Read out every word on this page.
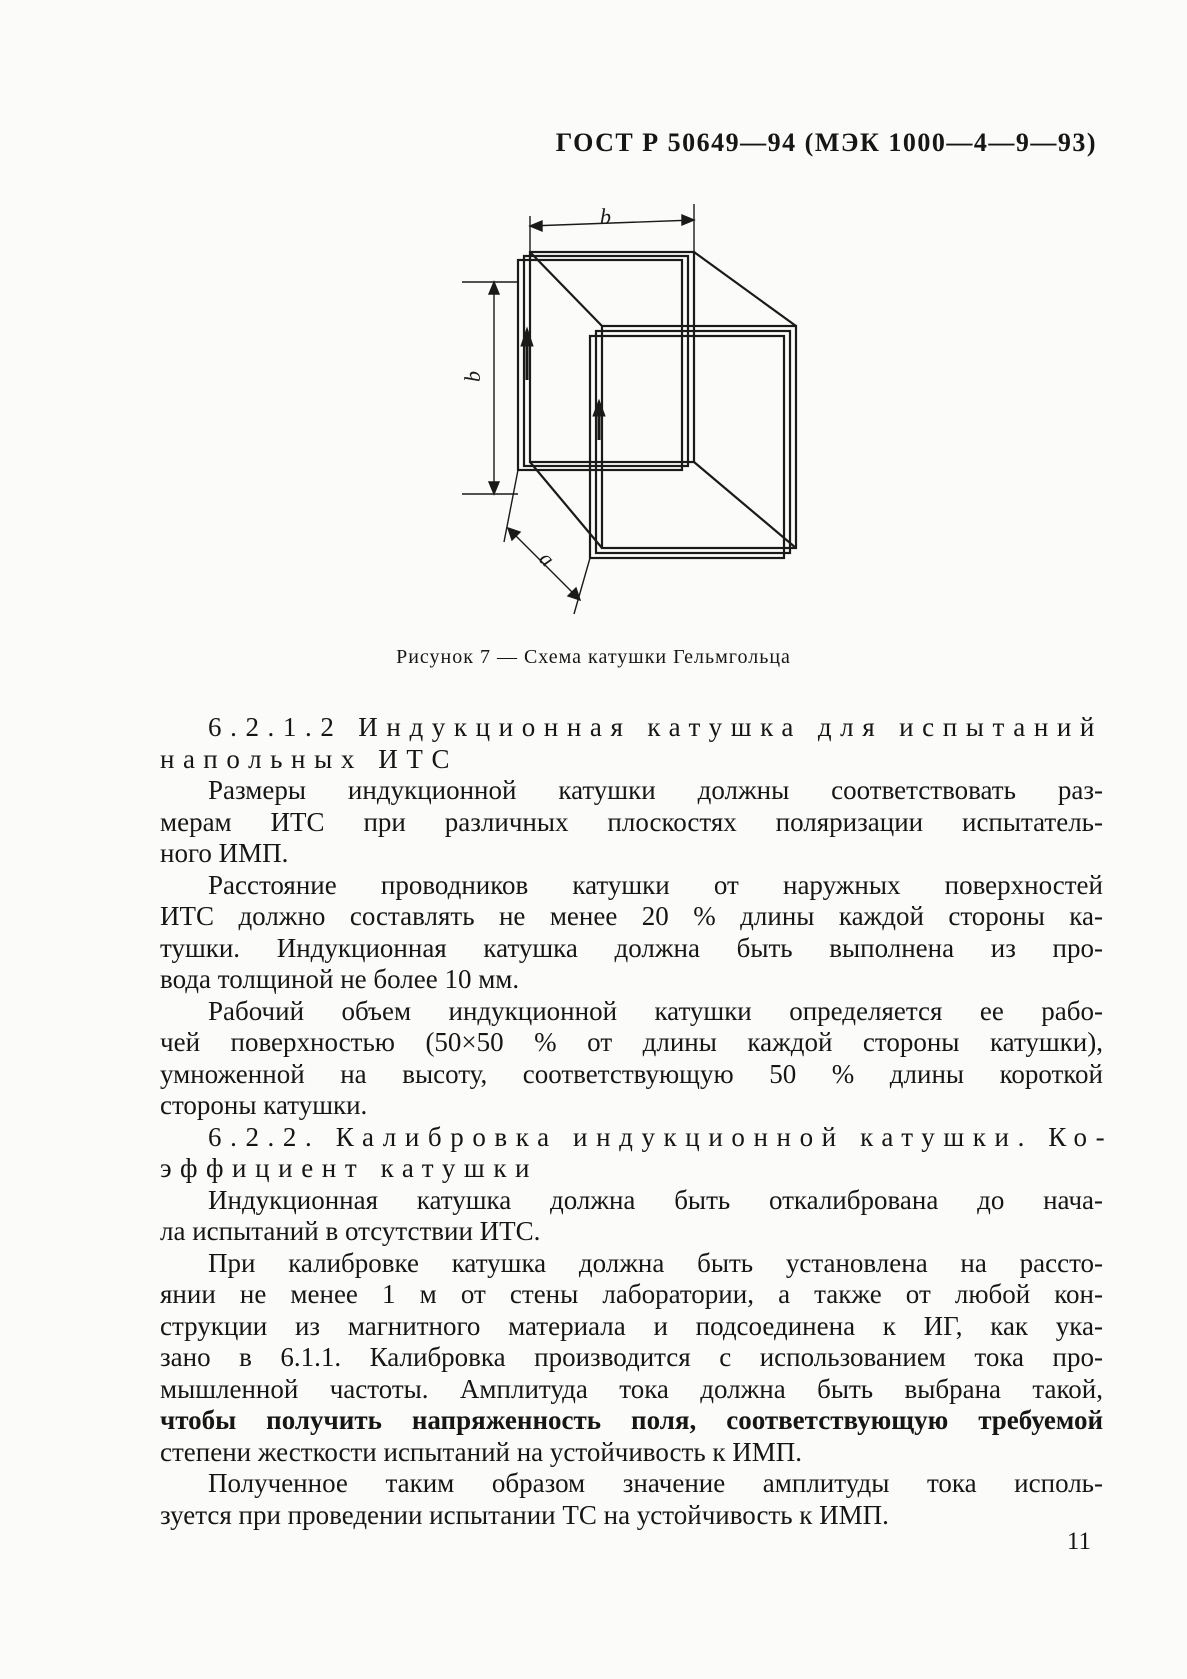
ГОСТ Р 50649—94 (МЭК 1000—4—9—93)
b
b
a
Рисунок 7 — Схема катушки Гельмгольца
6.2.1.2 Индукционная катушка для испытаний
напольных ИТС
Размеры индукционной катушки должны соответствовать раз-
мерам ИТС при различных плоскостях поляризации испытатель-
ного ИМП.
Расстояние проводников катушки от наружных поверхностей
ИТС должно составлять не менее 20 % длины каждой стороны ка-
тушки. Индукционная катушка должна быть выполнена из про-
вода толщиной не более 10 мм.
Рабочий объем индукционной катушки определяется ее рабо-
чей поверхностью (50×50 % от длины каждой стороны катушки),
умноженной на высоту, соответствующую 50 % длины короткой
стороны катушки.
6.2.2. Калибровка индукционной катушки. Ко-
эффициент катушки
Индукционная катушка должна быть откалибрована до нача-
ла испытаний в отсутствии ИТС.
При калибровке катушка должна быть установлена на рассто-
янии не менее 1 м от стены лаборатории, а также от любой кон-
струкции из магнитного материала и подсоединена к ИГ, как ука-
зано в 6.1.1. Калибровка производится с использованием тока про-
мышленной частоты. Амплитуда тока должна быть выбрана такой,
чтобы получить напряженность поля, соответствующую требуемой
степени жесткости испытаний на устойчивость к ИМП.
Полученное таким образом значение амплитуды тока исполь-
зуется при проведении испытании ТС на устойчивость к ИМП.
11
